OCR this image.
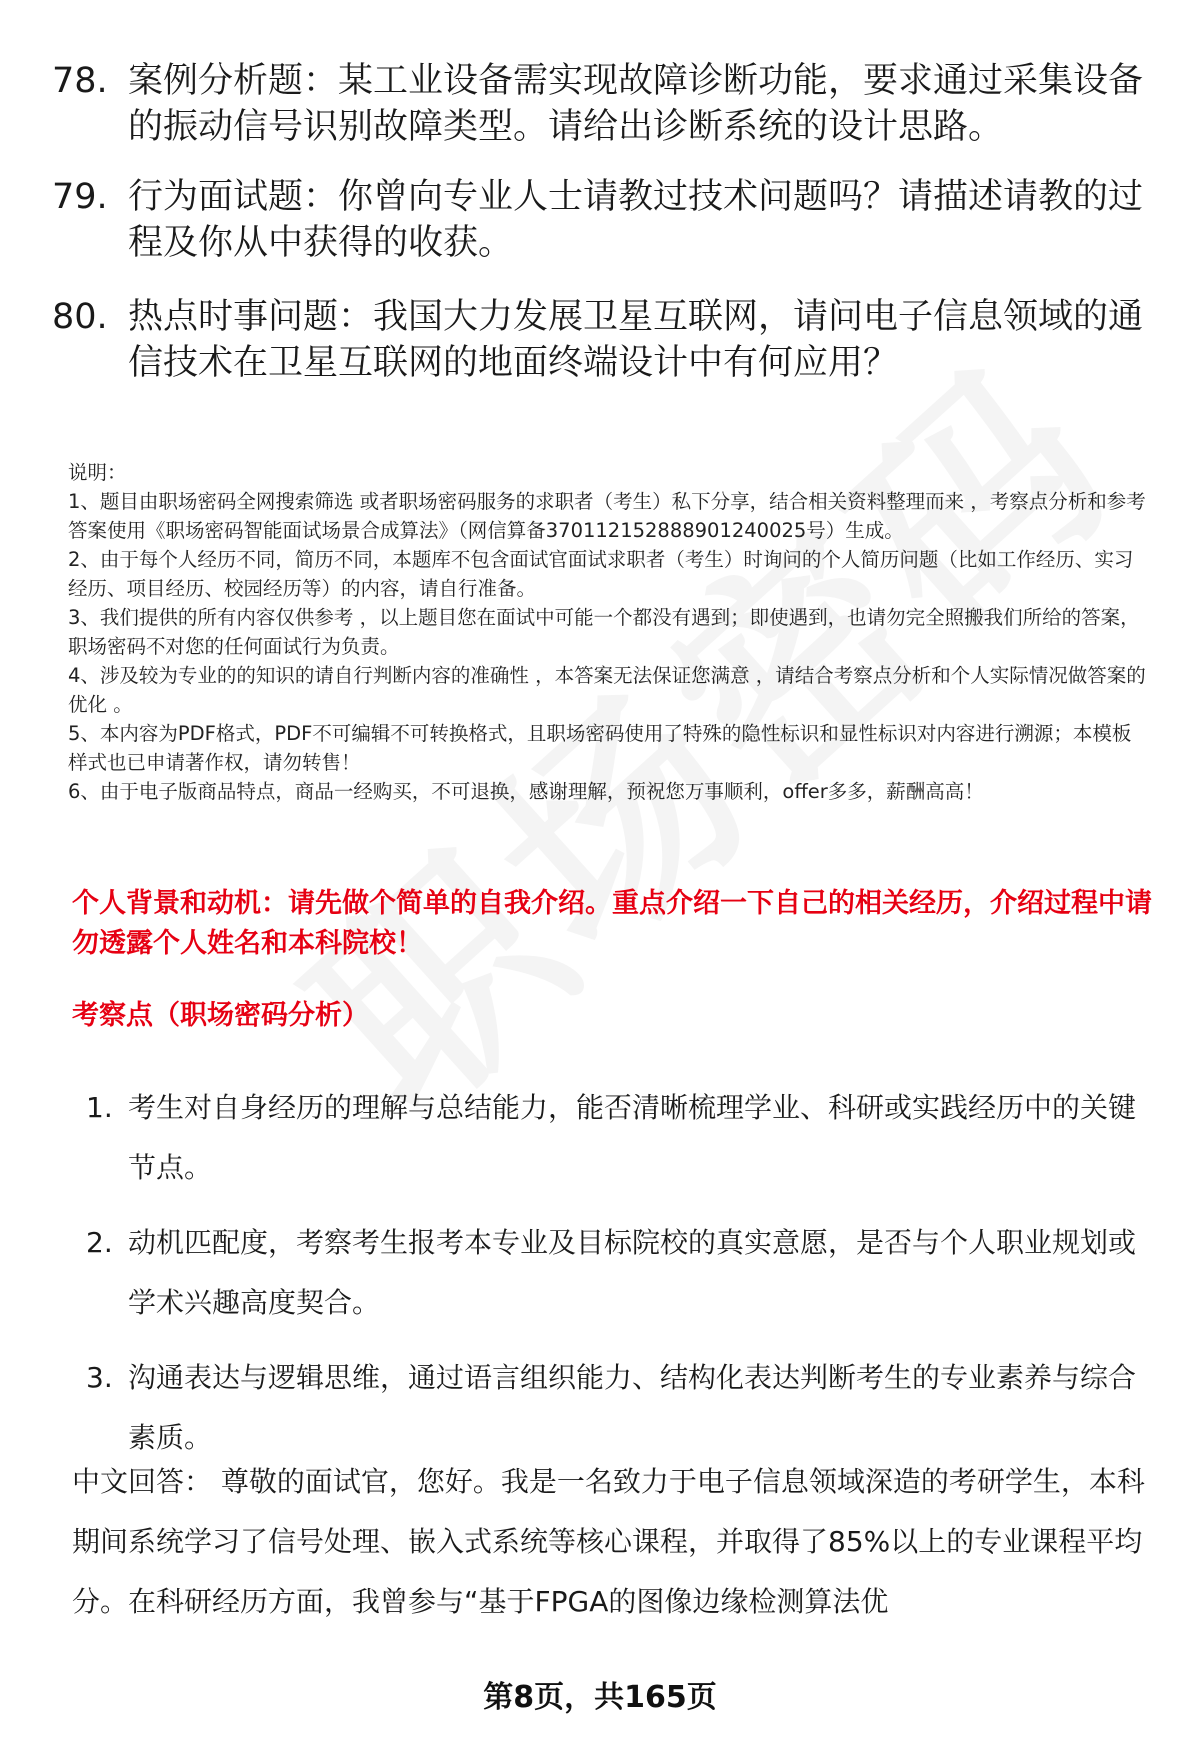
78. 案例分析题：某工业设备需实现故障诊断功能，要求通过采集设备的振动信号识别故障类型。请给出诊断系统的设计思路。
79. 行为面试题：你曾向专业人士请教过技术问题吗？请描述请教的过程及你从中获得的收获。
80. 热点时事问题：我国大力发展卫星互联网，请问电子信息领域的通信技术在卫星互联网的地面终端设计中有何应用？

说明：

1、题目由职场密码全网搜索筛选 或者职场密码服务的求职者（考生）私下分享，结合相关资料整理而来 ，考察点分析和参考答案使用《职场密码智能面试场景合成算法》（网信算备370112152888901240025号）生成。

2、由于每个人经历不同，简历不同，本题库不包含面试官面试求职者（考生）时询问的个人简历问题（比如工作经历、实习经历、项目经历、校园经历等）的内容，请自行准备。

3、我们提供的所有内容仅供参考 ，以上题目您在面试中可能一个都没有遇到；即使遇到，也请勿完全照搬我们所给的答案，职场密码不对您的任何面试行为负责。

4、涉及较为专业的的知识的请自行判断内容的准确性 ，本答案无法保证您满意 ，请结合考察点分析和个人实际情况做答案的优化 。

5、本内容为PDF格式，PDF不可编辑不可转换格式，且职场密码使用了特殊的隐性标识和显性标识对内容进行溯源；本模板样式也已申请著作权，请勿转售！

6、由于电子版商品特点，商品一经购买，不可退换，感谢理解，预祝您万事顺利，offer多多，薪酬高高！

个人背景和动机：请先做个简单的自我介绍。重点介绍一下自己的相关经历，介绍过程中请勿透露个人姓名和本科院校！
考察点（职场密码分析）
1. 考生对自身经历的理解与总结能力，能否清晰梳理学业、科研或实践经历中的关键节点。
2. 动机匹配度，考察考生报考本专业及目标院校的真实意愿，是否与个人职业规划或学术兴趣高度契合。
3. 沟通表达与逻辑思维，通过语言组织能力、结构化表达判断考生的专业素养与综合素质。
中文回答： 尊敬的面试官，您好。我是一名致力于电子信息领域深造的考研学生，本科期间系统学习了信号处理、嵌入式系统等核心课程，并取得了85%以上的专业课程平均分。在科研经历方面，我曾参与“基于FPGA的图像边缘检测算法优
第8页，共165页
